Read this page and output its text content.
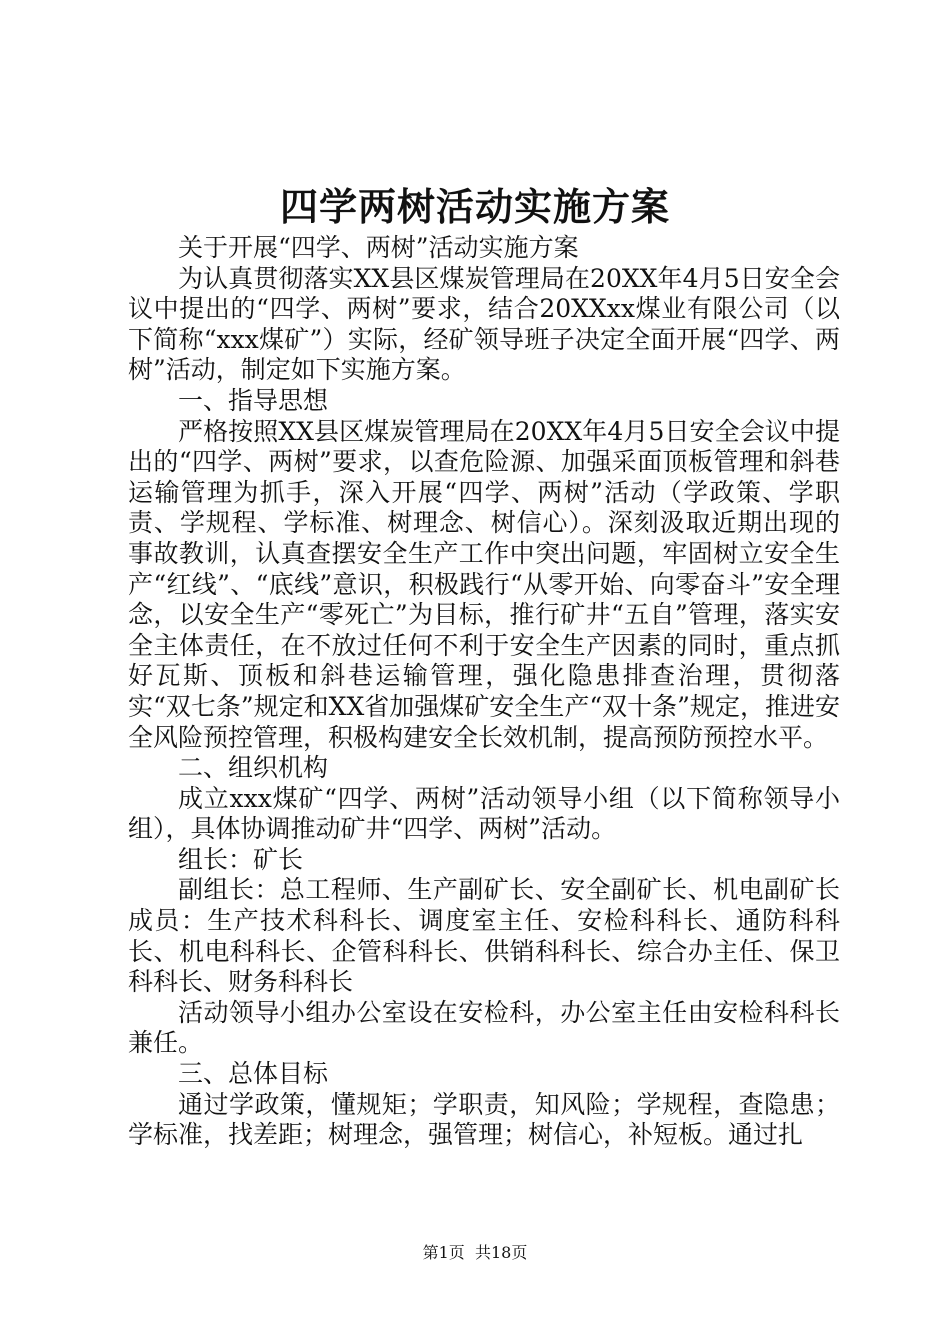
四学两树活动实施方案

关于开展“四学、两树”活动实施方案

为认真贯彻落实XX县区煤炭管理局在20XX年4月5日安全会议中提出的“四学、两树”要求，结合20XXxx煤业有限公司（以下简称“xxx煤矿”）实际，经矿领导班子决定全面开展“四学、两树”活动，制定如下实施方案。

一、指导思想

严格按照XX县区煤炭管理局在20XX年4月5日安全会议中提出的“四学、两树”要求，以查危险源、加强采面顶板管理和斜巷运输管理为抓手，深入开展“四学、两树”活动（学政策、学职责、学规程、学标准、树理念、树信心）。深刻汲取近期出现的事故教训，认真查摆安全生产工作中突出问题，牢固树立安全生产“红线”、“底线”意识，积极践行“从零开始、向零奋斗”安全理念，以安全生产“零死亡”为目标，推行矿井“五自”管理，落实安全主体责任，在不放过任何不利于安全生产因素的同时，重点抓好瓦斯、顶板和斜巷运输管理，强化隐患排查治理，贯彻落实“双七条”规定和XX省加强煤矿安全生产“双十条”规定，推进安全风险预控管理，积极构建安全长效机制，提高预防预控水平。

二、组织机构

成立xxx煤矿“四学、两树”活动领导小组（以下简称领导小组），具体协调推动矿井“四学、两树”活动。

组长：矿长

副组长：总工程师、生产副矿长、安全副矿长、机电副矿长成员：生产技术科科长、调度室主任、安检科科长、通防科科长、机电科科长、企管科科长、供销科科长、综合办主任、保卫科科长、财务科科长

活动领导小组办公室设在安检科，办公室主任由安检科科长兼任。

三、总体目标

通过学政策，懂规矩；学职责，知风险；学规程，查隐患；学标准，找差距；树理念，强管理；树信心，补短板。通过扎

第1页 共18页
